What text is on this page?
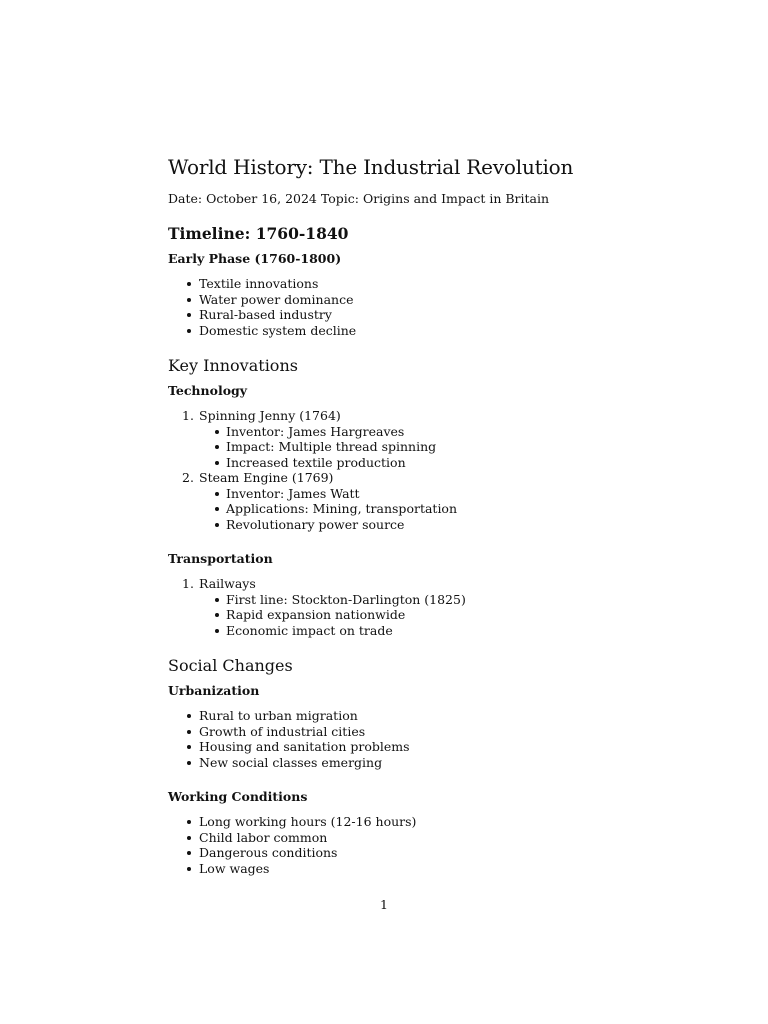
World History: The Industrial Revolution

Date: October 16, 2024 Topic: Origins and Impact in Britain

Timeline: 1760-1840
Early Phase (1760-1800)
Textile innovations
Water power dominance
Rural-based industry
Domestic system decline
Key Innovations
Technology
1. Spinning Jenny (1764)
Inventor: James Hargreaves
Impact: Multiple thread spinning
Increased textile production
2. Steam Engine (1769)
Inventor: James Watt
Applications: Mining, transportation
Revolutionary power source
Transportation
1. Railways
First line: Stockton-Darlington (1825)
Rapid expansion nationwide
Economic impact on trade
Social Changes
Urbanization
Rural to urban migration
Growth of industrial cities
Housing and sanitation problems
New social classes emerging
Working Conditions
Long working hours (12-16 hours)
Child labor common
Dangerous conditions
Low wages
1
